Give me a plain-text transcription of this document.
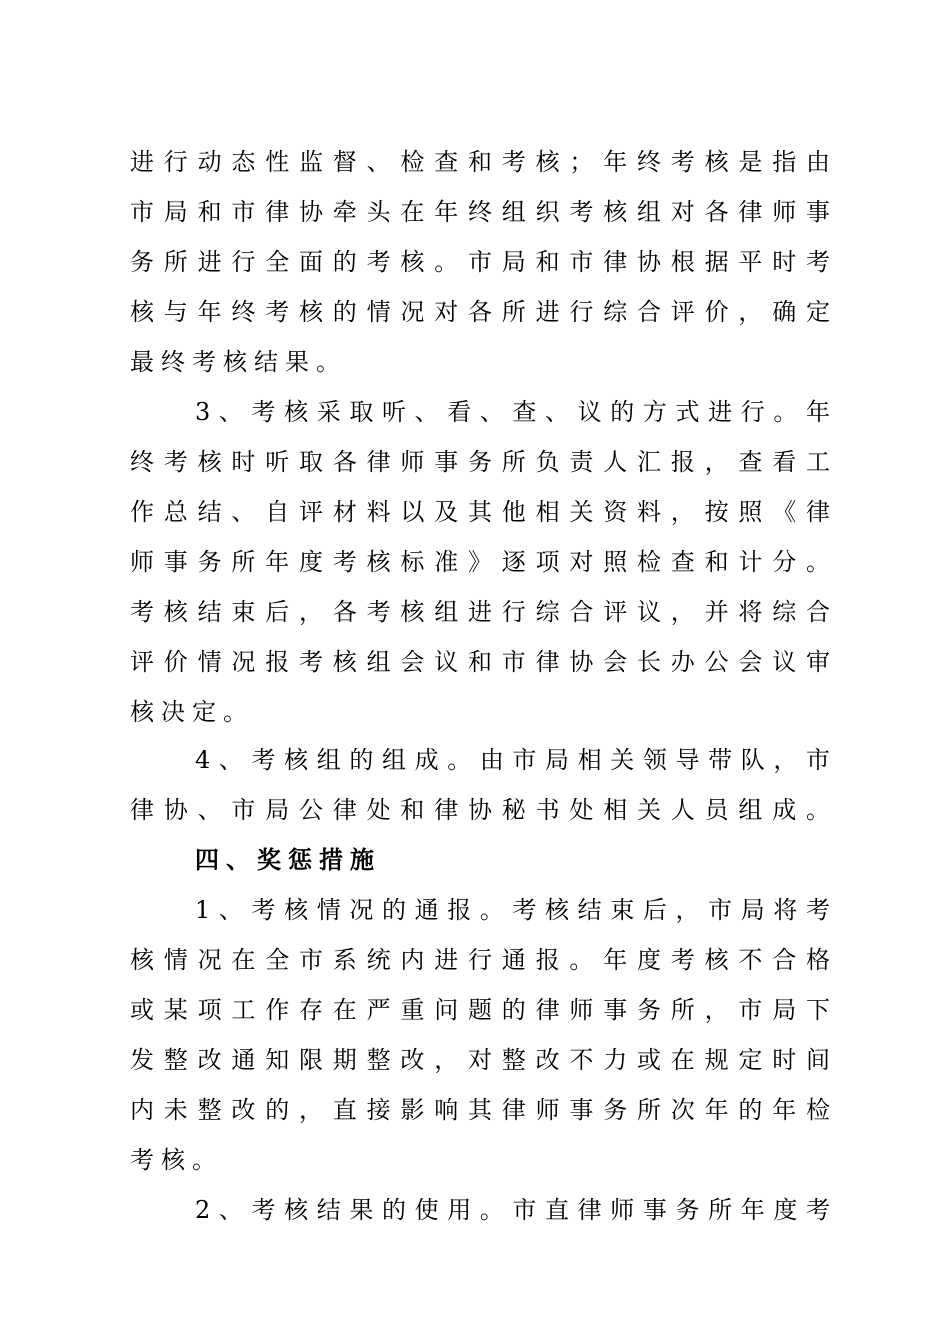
进行动态性监督、检查和考核；年终考核是指由
市局和市律协牵头在年终组织考核组对各律师事
务所进行全面的考核。市局和市律协根据平时考
核与年终考核的情况对各所进行综合评价，确定
最终考核结果。
3、考核采取听、看、查、议的方式进行。年
终考核时听取各律师事务所负责人汇报，查看工
作总结、自评材料以及其他相关资料，按照《律
师事务所年度考核标准》逐项对照检查和计分。
考核结束后，各考核组进行综合评议，并将综合
评价情况报考核组会议和市律协会长办公会议审
核决定。
4、考核组的组成。由市局相关领导带队，市
律协、市局公律处和律协秘书处相关人员组成。
四、奖惩措施
1、考核情况的通报。考核结束后，市局将考
核情况在全市系统内进行通报。年度考核不合格
或某项工作存在严重问题的律师事务所，市局下
发整改通知限期整改，对整改不力或在规定时间
内未整改的，直接影响其律师事务所次年的年检
考核。
2、考核结果的使用。市直律师事务所年度考
